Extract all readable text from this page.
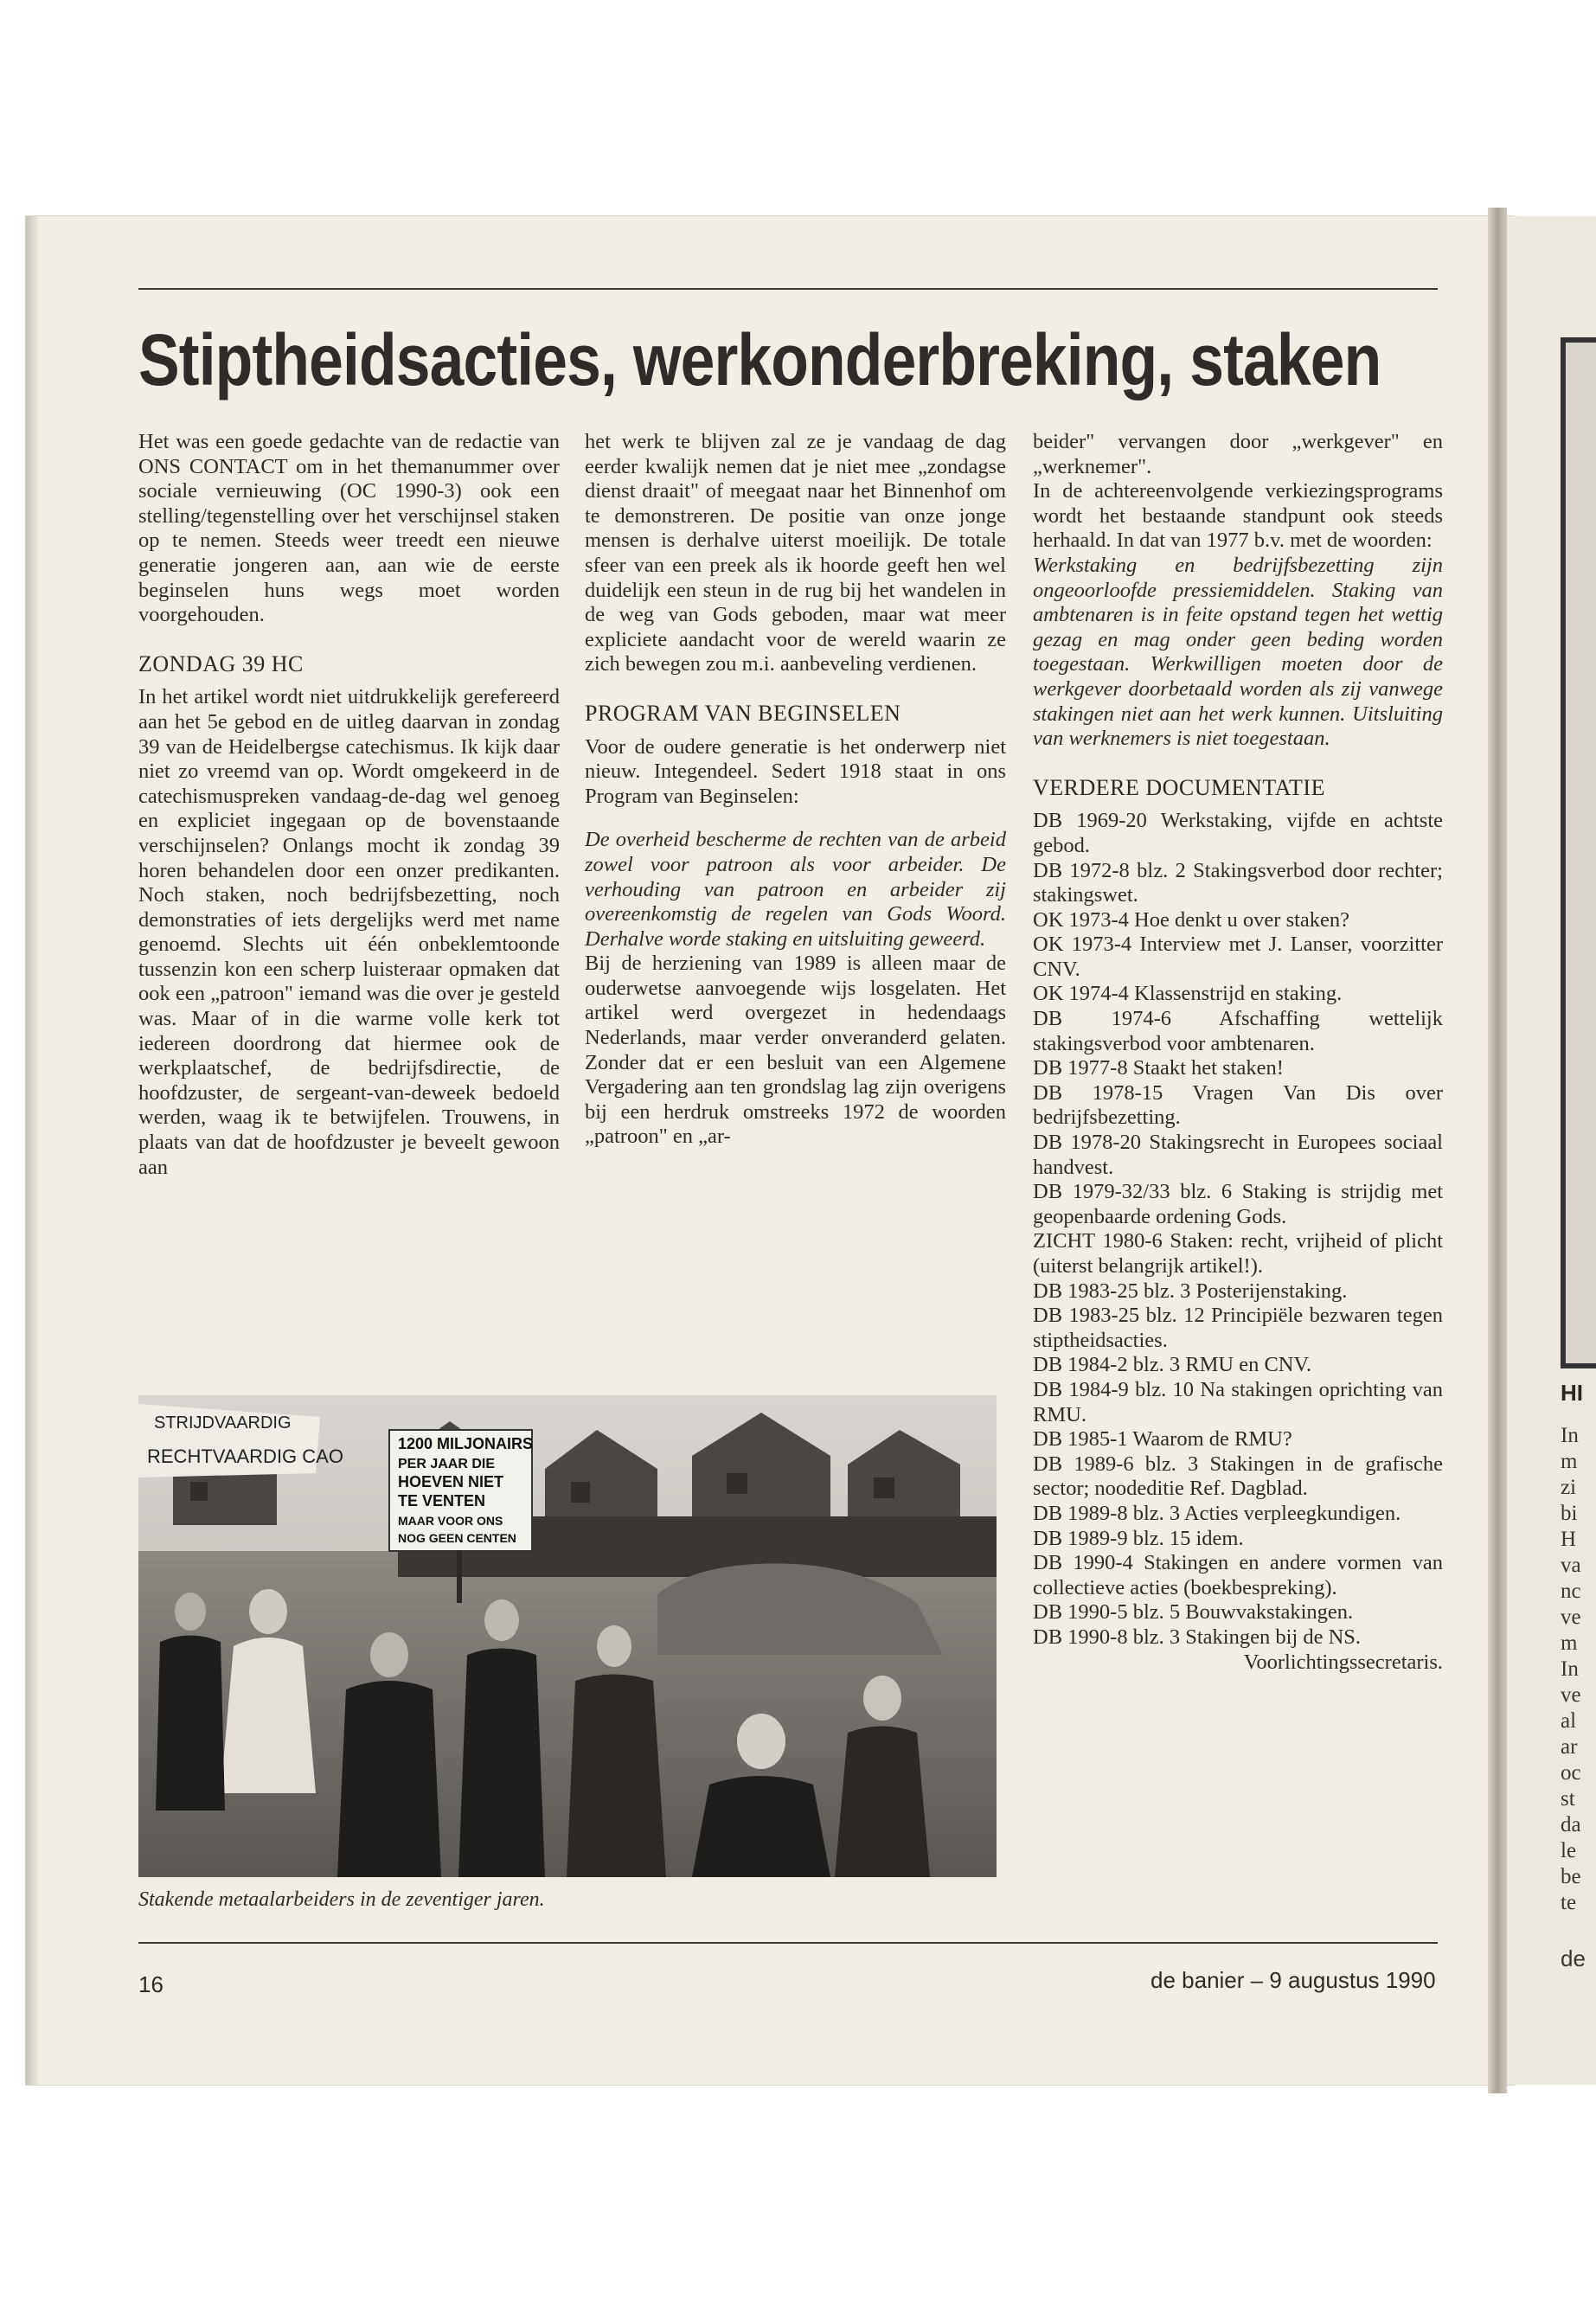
HI
In
m
zi
bi
H
va
nc
ve
m
In
ve
al
ar
oc
st
da
le
be
te
de
Stiptheidsacties, werkonderbreking, staken

Het was een goede gedachte van de redactie van ONS CONTACT om in het themanummer over sociale vernieuwing (OC 1990-3) ook een stelling/tegenstelling over het verschijnsel staken op te nemen. Steeds weer treedt een nieuwe generatie jongeren aan, aan wie de eerste beginselen huns wegs moet worden voorgehouden.

ZONDAG 39 HC

In het artikel wordt niet uitdrukkelijk gerefereerd aan het 5e gebod en de uitleg daarvan in zondag 39 van de Heidelbergse catechismus. Ik kijk daar niet zo vreemd van op. Wordt omgekeerd in de catechismuspreken vandaag-de-dag wel genoeg en expliciet ingegaan op de bovenstaande verschijnselen? Onlangs mocht ik zondag 39 horen behandelen door een onzer predikanten. Noch staken, noch bedrijfsbezetting, noch demonstraties of iets dergelijks werd met name genoemd. Slechts uit één onbeklemtoonde tussenzin kon een scherp luisteraar opmaken dat ook een „patroon" iemand was die over je gesteld was. Maar of in die warme volle kerk tot iedereen doordrong dat hiermee ook de werkplaatschef, de bedrijfsdirectie, de hoofdzuster, de sergeant-van-deweek bedoeld werden, waag ik te betwijfelen. Trouwens, in plaats van dat de hoofdzuster je beveelt gewoon aan

het werk te blijven zal ze je vandaag de dag eerder kwalijk nemen dat je niet mee „zondagse dienst draait" of meegaat naar het Binnenhof om te demonstreren. De positie van onze jonge mensen is derhalve uiterst moeilijk. De totale sfeer van een preek als ik hoorde geeft hen wel duidelijk een steun in de rug bij het wandelen in de weg van Gods geboden, maar wat meer expliciete aandacht voor de wereld waarin ze zich bewegen zou m.i. aanbeveling verdienen.

PROGRAM VAN BEGINSELEN

Voor de oudere generatie is het onderwerp niet nieuw. Integendeel. Sedert 1918 staat in ons Program van Beginselen:

De overheid bescherme de rechten van de arbeid zowel voor patroon als voor arbeider. De verhouding van patroon en arbeider zij overeenkomstig de regelen van Gods Woord. Derhalve worde staking en uitsluiting geweerd.

Bij de herziening van 1989 is alleen maar de ouderwetse aanvoegende wijs losgelaten. Het artikel werd overgezet in hedendaags Nederlands, maar verder onveranderd gelaten. Zonder dat er een besluit van een Algemene Vergadering aan ten grondslag lag zijn overigens bij een herdruk omstreeks 1972 de woorden „patroon" en „ar-

beider" vervangen door „werkgever" en „werknemer".

In de achtereenvolgende verkiezingsprograms wordt het bestaande standpunt ook steeds herhaald. In dat van 1977 b.v. met de woorden:

Werkstaking en bedrijfsbezetting zijn ongeoorloofde pressiemiddelen. Staking van ambtenaren is in feite opstand tegen het wettig gezag en mag onder geen beding worden toegestaan. Werkwilligen moeten door de werkgever doorbetaald worden als zij vanwege stakingen niet aan het werk kunnen. Uitsluiting van werknemers is niet toegestaan.

VERDERE DOCUMENTATIE
DB 1969-20 Werkstaking, vijfde en achtste gebod.
DB 1972-8 blz. 2 Stakingsverbod door rechter; stakingswet.
OK 1973-4 Hoe denkt u over staken?
OK 1973-4 Interview met J. Lanser, voorzitter CNV.
OK 1974-4 Klassenstrijd en staking.
DB 1974-6 Afschaffing wettelijk stakingsverbod voor ambtenaren.
DB 1977-8 Staakt het staken!
DB 1978-15 Vragen Van Dis over bedrijfsbezetting.
DB 1978-20 Stakingsrecht in Europees sociaal handvest.
DB 1979-32/33 blz. 6 Staking is strijdig met geopenbaarde ordening Gods.
ZICHT 1980-6 Staken: recht, vrijheid of plicht (uiterst belangrijk artikel!).
DB 1983-25 blz. 3 Posterijenstaking.
DB 1983-25 blz. 12 Principiële bezwaren tegen stiptheidsacties.
DB 1984-2 blz. 3 RMU en CNV.
DB 1984-9 blz. 10 Na stakingen oprichting van RMU.
DB 1985-1 Waarom de RMU?
DB 1989-6 blz. 3 Stakingen in de grafische sector; noodeditie Ref. Dagblad.
DB 1989-8 blz. 3 Acties verpleegkundigen.
DB 1989-9 blz. 15 idem.
DB 1990-4 Stakingen en andere vormen van collectieve acties (boekbespreking).
DB 1990-5 blz. 5 Bouwvakstakingen.
DB 1990-8 blz. 3 Stakingen bij de NS.

Voorlichtingssecretaris.

STRIJDVAARDIG
RECHTVAARDIG CAO
1200 MILJONAIRS
PER JAAR DIE
HOEVEN NIET
TE VENTEN
MAAR VOOR ONS
NOG GEEN CENTEN
Stakende metaalarbeiders in de zeventiger jaren.
16	de banier – 9 augustus 1990
